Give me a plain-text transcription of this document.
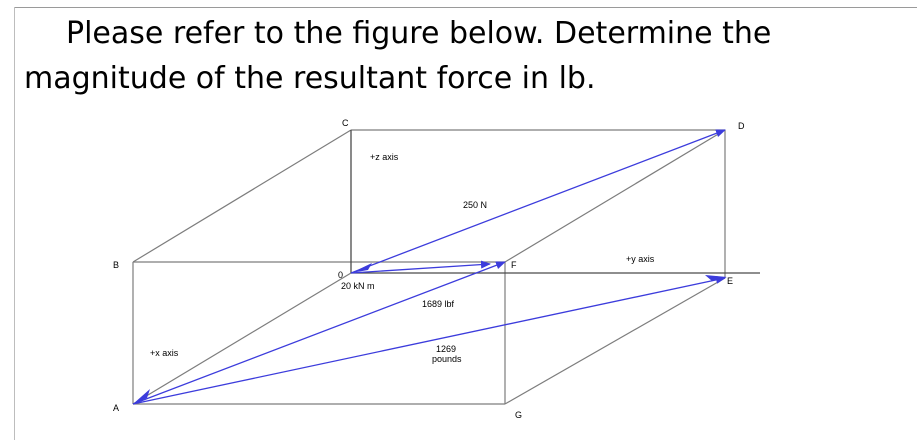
Please refer to the figure below. Determine the
magnitude of the resultant force in lb.
A
B
C	D
E
F
G
0
+z axis
+y axis
+x axis
250 N
20 kN m
1689 lbf
1269
pounds
